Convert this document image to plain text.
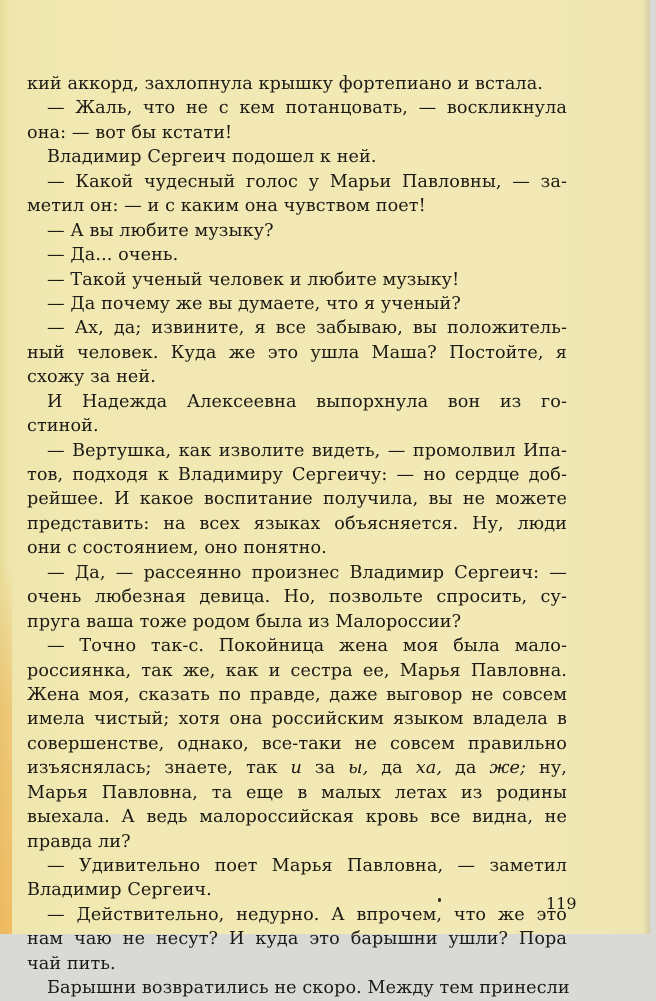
кий аккорд, захлопнула крышку фортепиано и встала.
— Жаль, что не с кем потанцовать, — воскликнула
она: — вот бы кстати!
Владимир Сергеич подошел к ней.
— Какой чудесный голос у Марьи Павловны, — за-
метил он: — и с каким она чувством поет!
— А вы любите музыку?
— Да... очень.
— Такой ученый человек и любите музыку!
— Да почему же вы думаете, что я ученый?
— Ах, да; извините, я все забываю, вы положитель-
ный человек. Куда же это ушла Маша? Постойте, я
схожу за ней.
И Надежда Алексеевна выпорхнула вон из го-
стиной.
— Вертушка, как изволите видеть, — промолвил Ипа-
тов, подходя к Владимиру Сергеичу: — но сердце доб-
рейшее. И какое воспитание получила, вы не можете
представить: на всех языках объясняется. Ну, люди
они с состоянием, оно понятно.
— Да, — рассеянно произнес Владимир Сергеич: —
очень любезная девица. Но, позвольте спросить, су-
пруга ваша тоже родом была из Малороссии?
— Точно так-с. Покойница жена моя была мало-
россиянка, так же, как и сестра ее, Марья Павловна.
Жена моя, сказать по правде, даже выговор не совсем
имела чистый; хотя она российским языком владела в
совершенстве, однако, все-таки не совсем правильно
изъяснялась; знаете, так и за ы, да ха, да же; ну,
Марья Павловна, та еще в малых летах из родины
выехала. А ведь малороссийская кровь все видна, не
правда ли?
— Удивительно поет Марья Павловна, — заметил
Владимир Сергеич.
— Действительно, недурно. А впрочем, что же это
нам чаю не несут? И куда это барышни ушли? Пора
чай пить.
Барышни возвратились не скоро. Между тем принесли
119
